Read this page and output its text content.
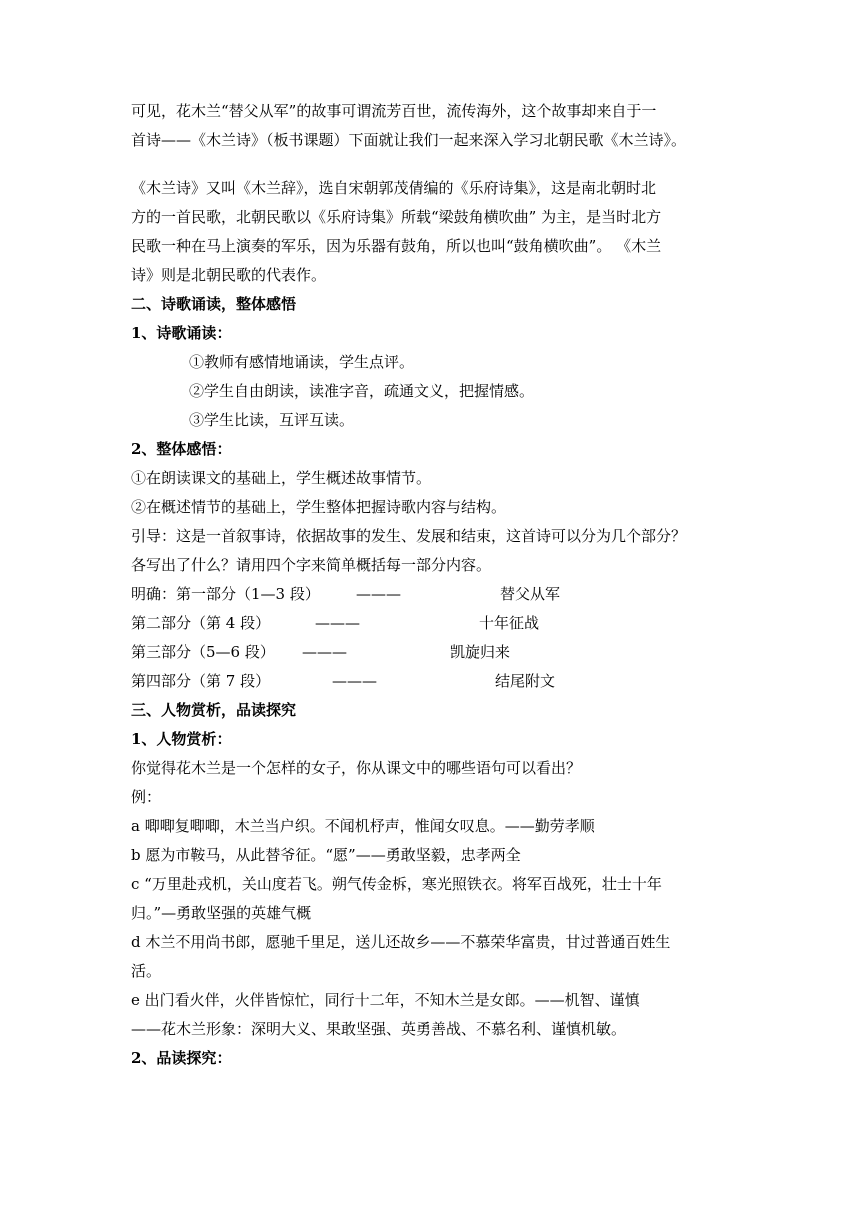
可见，花木兰“替父从军”的故事可谓流芳百世，流传海外，这个故事却来自于一
首诗——《木兰诗》（板书课题）下面就让我们一起来深入学习北朝民歌《木兰诗》。
《木兰诗》又叫《木兰辞》，选自宋朝郭茂倩编的《乐府诗集》，这是南北朝时北
方的一首民歌，北朝民歌以《乐府诗集》所载“梁鼓角横吹曲” 为主，是当时北方
民歌一种在马上演奏的军乐，因为乐器有鼓角，所以也叫“鼓角横吹曲”。 《木兰
诗》则是北朝民歌的代表作。
二、诗歌诵读，整体感悟
1、诗歌诵读：
①教师有感情地诵读，学生点评。
②学生自由朗读，读准字音，疏通文义，把握情感。
③学生比读，互评互读。
2、整体感悟：
①在朗读课文的基础上，学生概述故事情节。
②在概述情节的基础上，学生整体把握诗歌内容与结构。
引导：这是一首叙事诗，依据故事的发生、发展和结束，这首诗可以分为几个部分？
各写出了什么？请用四个字来简单概括每一部分内容。
明确：第一部分（1—3 段） ———	替父从军
第二部分（第 4 段）	———	十年征战
第三部分（5—6 段） ———	凯旋归来
第四部分（第 7 段）	———	结尾附文
三、人物赏析，品读探究
1、人物赏析：
你觉得花木兰是一个怎样的女子，你从课文中的哪些语句可以看出？
例：
a 唧唧复唧唧，木兰当户织。不闻机杼声，惟闻女叹息。——勤劳孝顺
b 愿为市鞍马，从此替爷征。“愿”——勇敢坚毅，忠孝两全
c “万里赴戎机，关山度若飞。朔气传金柝，寒光照铁衣。将军百战死，壮士十年
归。”—勇敢坚强的英雄气概
d 木兰不用尚书郎，愿驰千里足，送儿还故乡——不慕荣华富贵，甘过普通百姓生
活。
e 出门看火伴，火伴皆惊忙，同行十二年，不知木兰是女郎。——机智、谨慎
——花木兰形象：深明大义、果敢坚强、英勇善战、不慕名利、谨慎机敏。
2、品读探究：
